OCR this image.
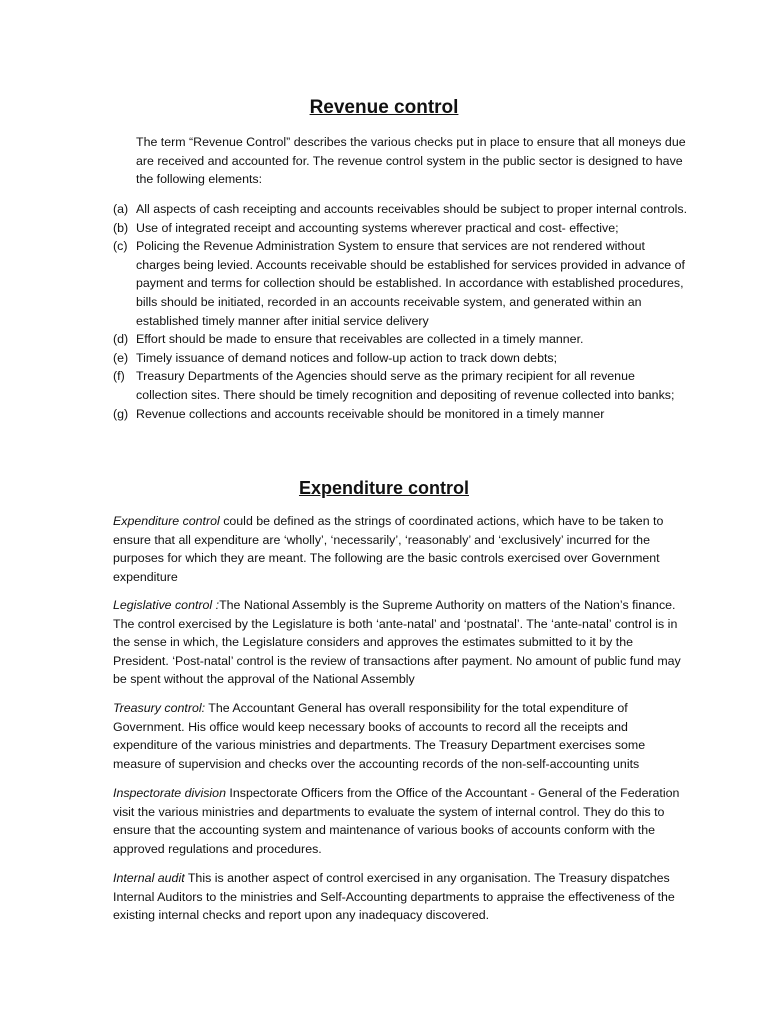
Revenue control

The term “Revenue Control” describes the various checks put in place to ensure that all moneys due are received and accounted for. The revenue control system in the public sector is designed to have the following elements:

(a) All aspects of cash receipting and accounts receivables should be subject to proper internal controls.
(b) Use of integrated receipt and accounting systems wherever practical and cost- effective;
(c) Policing the Revenue Administration System to ensure that services are not rendered without charges being levied. Accounts receivable should be established for services provided in advance of payment and terms for collection should be established. In accordance with established procedures, bills should be initiated, recorded in an accounts receivable system, and generated within an established timely manner after initial service delivery
(d) Effort should be made to ensure that receivables are collected in a timely manner.
(e) Timely issuance of demand notices and follow-up action to track down debts;
(f) Treasury Departments of the Agencies should serve as the primary recipient for all revenue collection sites. There should be timely recognition and depositing of revenue collected into banks;
(g) Revenue collections and accounts receivable should be monitored in a timely manner
Expenditure control

Expenditure control could be defined as the strings of coordinated actions, which have to be taken to ensure that all expenditure are ‘wholly’, ‘necessarily’, ‘reasonably’ and ‘exclusively’ incurred for the purposes for which they are meant. The following are the basic controls exercised over Government expenditure

Legislative control :The National Assembly is the Supreme Authority on matters of the Nation’s finance. The control exercised by the Legislature is both ‘ante-natal’ and ‘postnatal’. The ‘ante-natal’ control is in the sense in which, the Legislature considers and approves the estimates submitted to it by the President. ‘Post-natal’ control is the review of transactions after payment. No amount of public fund may be spent without the approval of the National Assembly

Treasury control: The Accountant General has overall responsibility for the total expenditure of Government. His office would keep necessary books of accounts to record all the receipts and expenditure of the various ministries and departments. The Treasury Department exercises some measure of supervision and checks over the accounting records of the non-self-accounting units

Inspectorate division Inspectorate Officers from the Office of the Accountant - General of the Federation visit the various ministries and departments to evaluate the system of internal control. They do this to ensure that the accounting system and maintenance of various books of accounts conform with the approved regulations and procedures.

Internal audit This is another aspect of control exercised in any organisation. The Treasury dispatches Internal Auditors to the ministries and Self-Accounting departments to appraise the effectiveness of the existing internal checks and report upon any inadequacy discovered.
